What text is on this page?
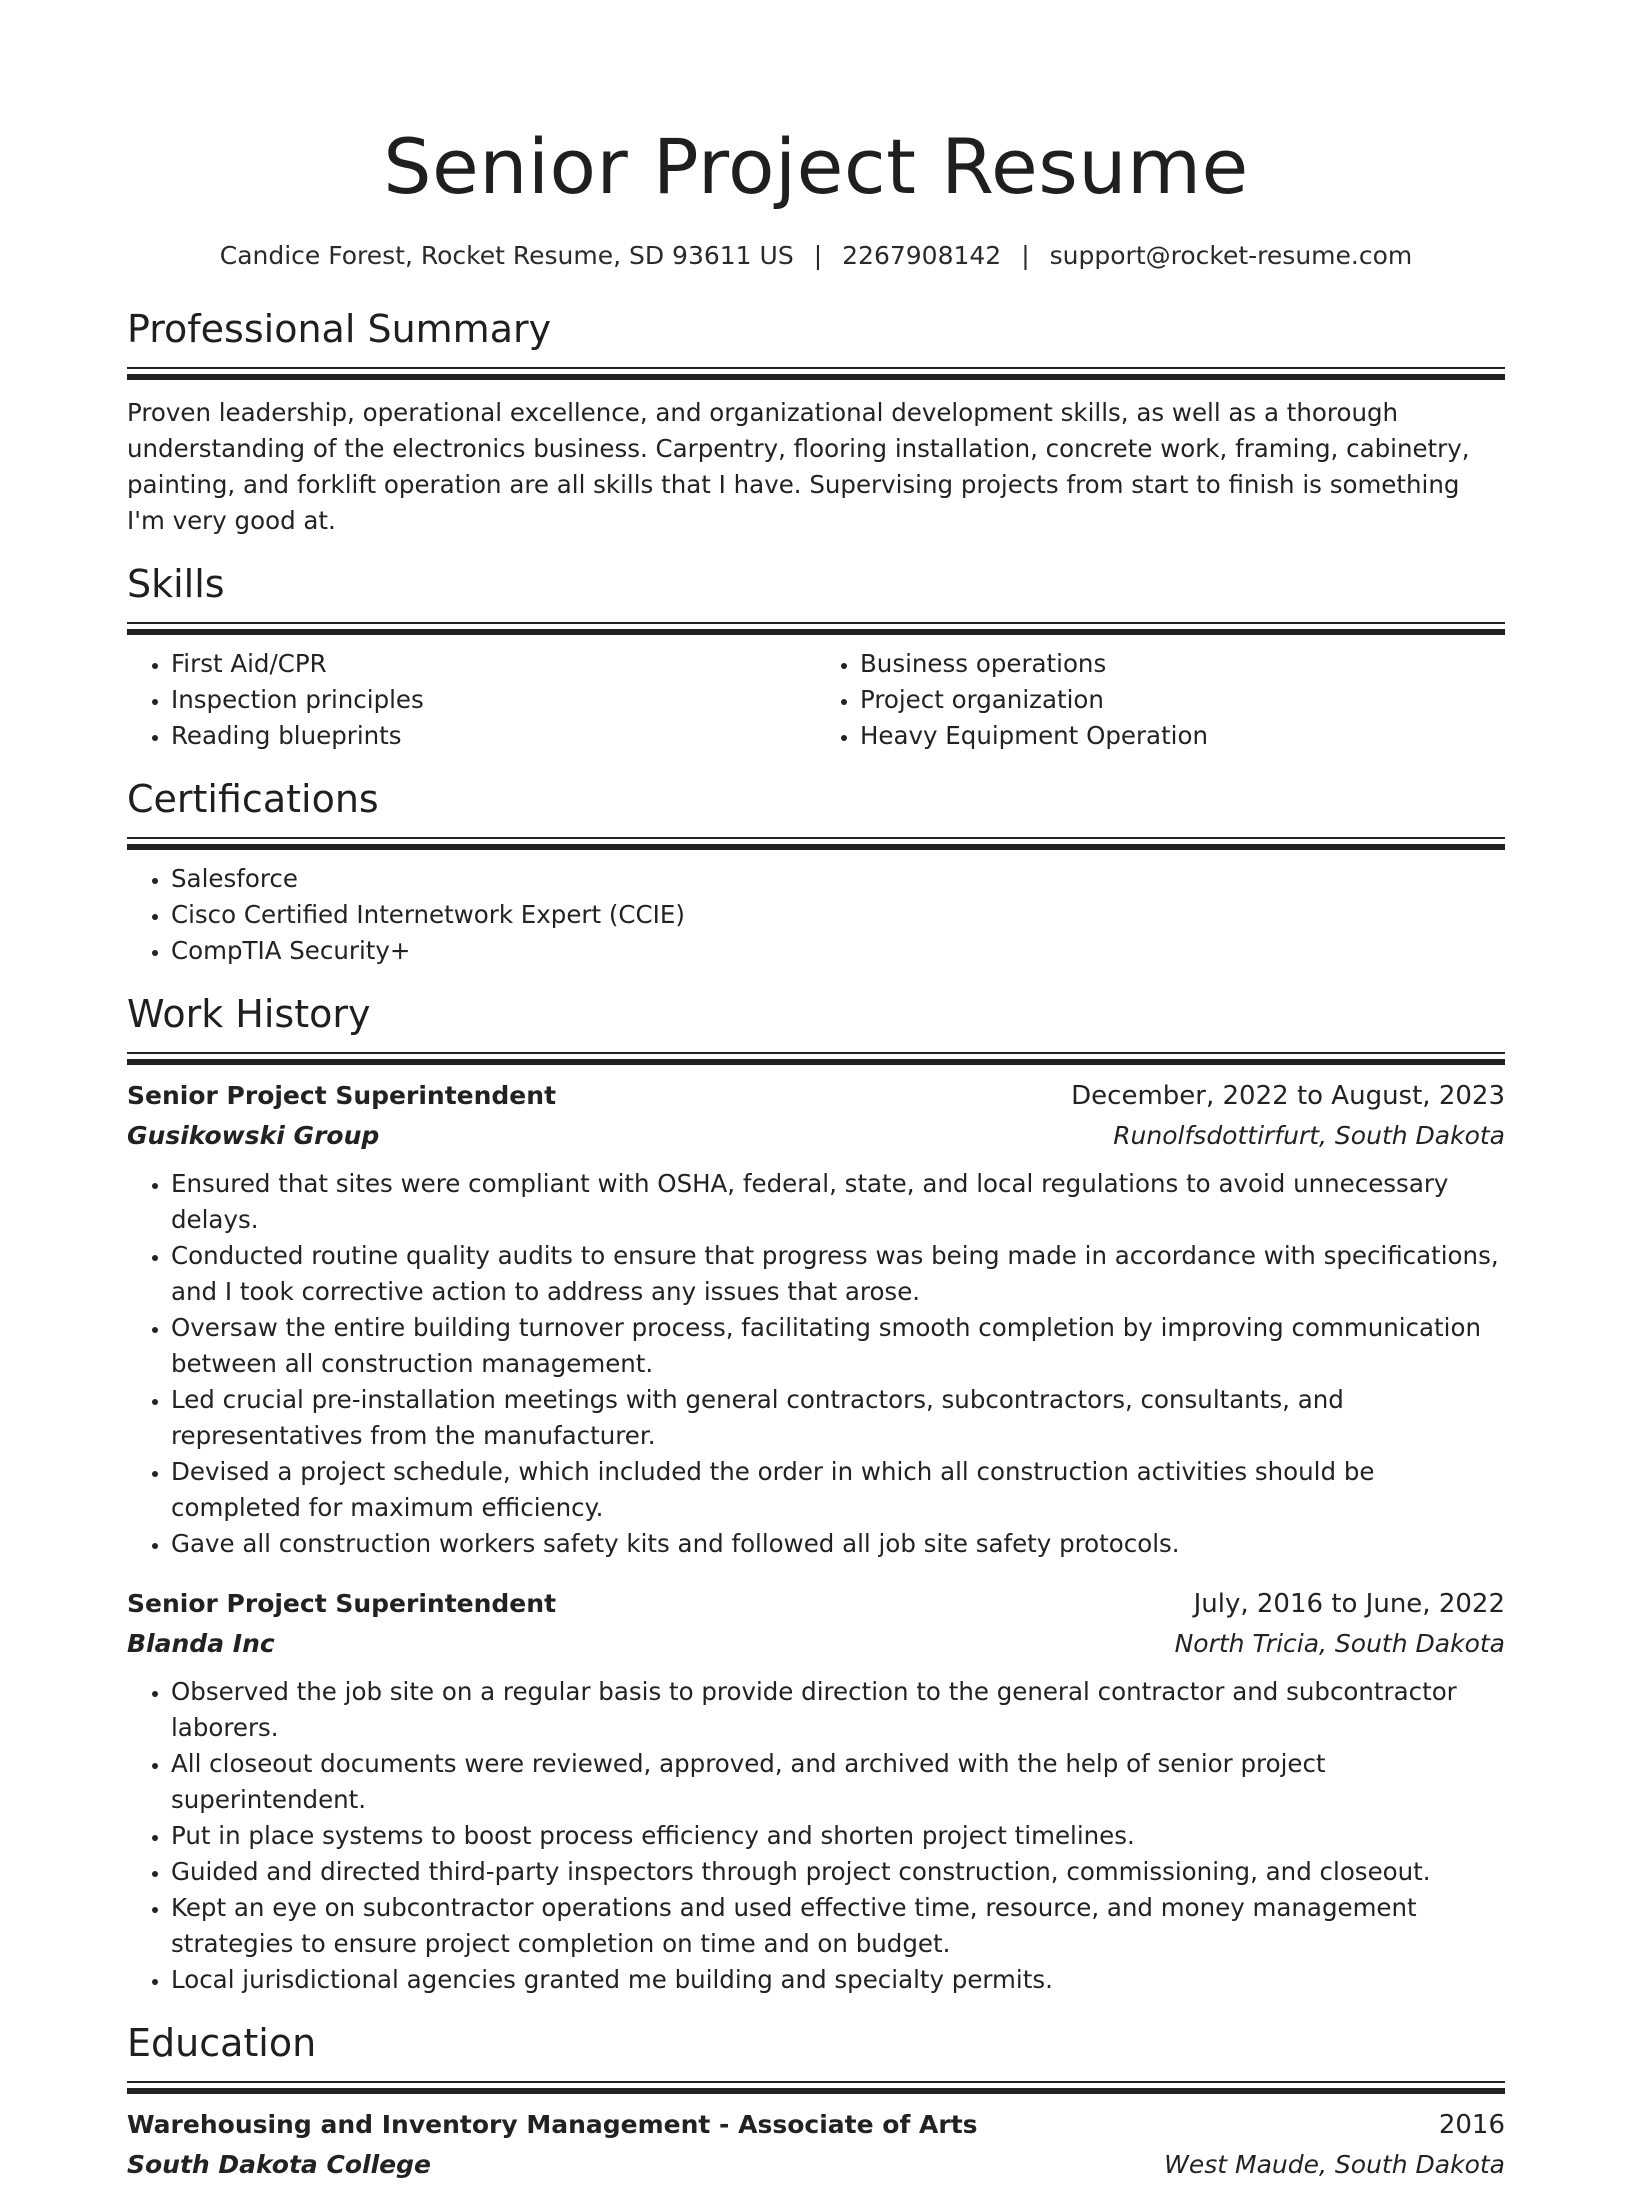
Senior Project Resume
Candice Forest, Rocket Resume, SD 93611 US | 2267908142 | support@rocket-resume.com
Professional Summary
Proven leadership, operational excellence, and organizational development skills, as well as a thorough understanding of the electronics business. Carpentry, flooring installation, concrete work, framing, cabinetry, painting, and forklift operation are all skills that I have. Supervising projects from start to finish is something I'm very good at.
Skills
• First Aid/CPR
• Inspection principles
• Reading blueprints
• Business operations
• Project organization
• Heavy Equipment Operation
Certifications
• Salesforce
• Cisco Certified Internetwork Expert (CCIE)
• CompTIA Security+
Work History
Senior Project Superintendent	December, 2022 to August, 2023
Gusikowski Group	Runolfsdottirfurt, South Dakota
• Ensured that sites were compliant with OSHA, federal, state, and local regulations to avoid unnecessary delays.
• Conducted routine quality audits to ensure that progress was being made in accordance with specifications, and I took corrective action to address any issues that arose.
• Oversaw the entire building turnover process, facilitating smooth completion by improving communication between all construction management.
• Led crucial pre-installation meetings with general contractors, subcontractors, consultants, and representatives from the manufacturer.
• Devised a project schedule, which included the order in which all construction activities should be completed for maximum efficiency.
• Gave all construction workers safety kits and followed all job site safety protocols.
Senior Project Superintendent	July, 2016 to June, 2022
Blanda Inc	North Tricia, South Dakota
• Observed the job site on a regular basis to provide direction to the general contractor and subcontractor laborers.
• All closeout documents were reviewed, approved, and archived with the help of senior project superintendent.
• Put in place systems to boost process efficiency and shorten project timelines.
• Guided and directed third-party inspectors through project construction, commissioning, and closeout.
• Kept an eye on subcontractor operations and used effective time, resource, and money management strategies to ensure project completion on time and on budget.
• Local jurisdictional agencies granted me building and specialty permits.
Education
Warehousing and Inventory Management - Associate of Arts	2016
South Dakota College	West Maude, South Dakota
